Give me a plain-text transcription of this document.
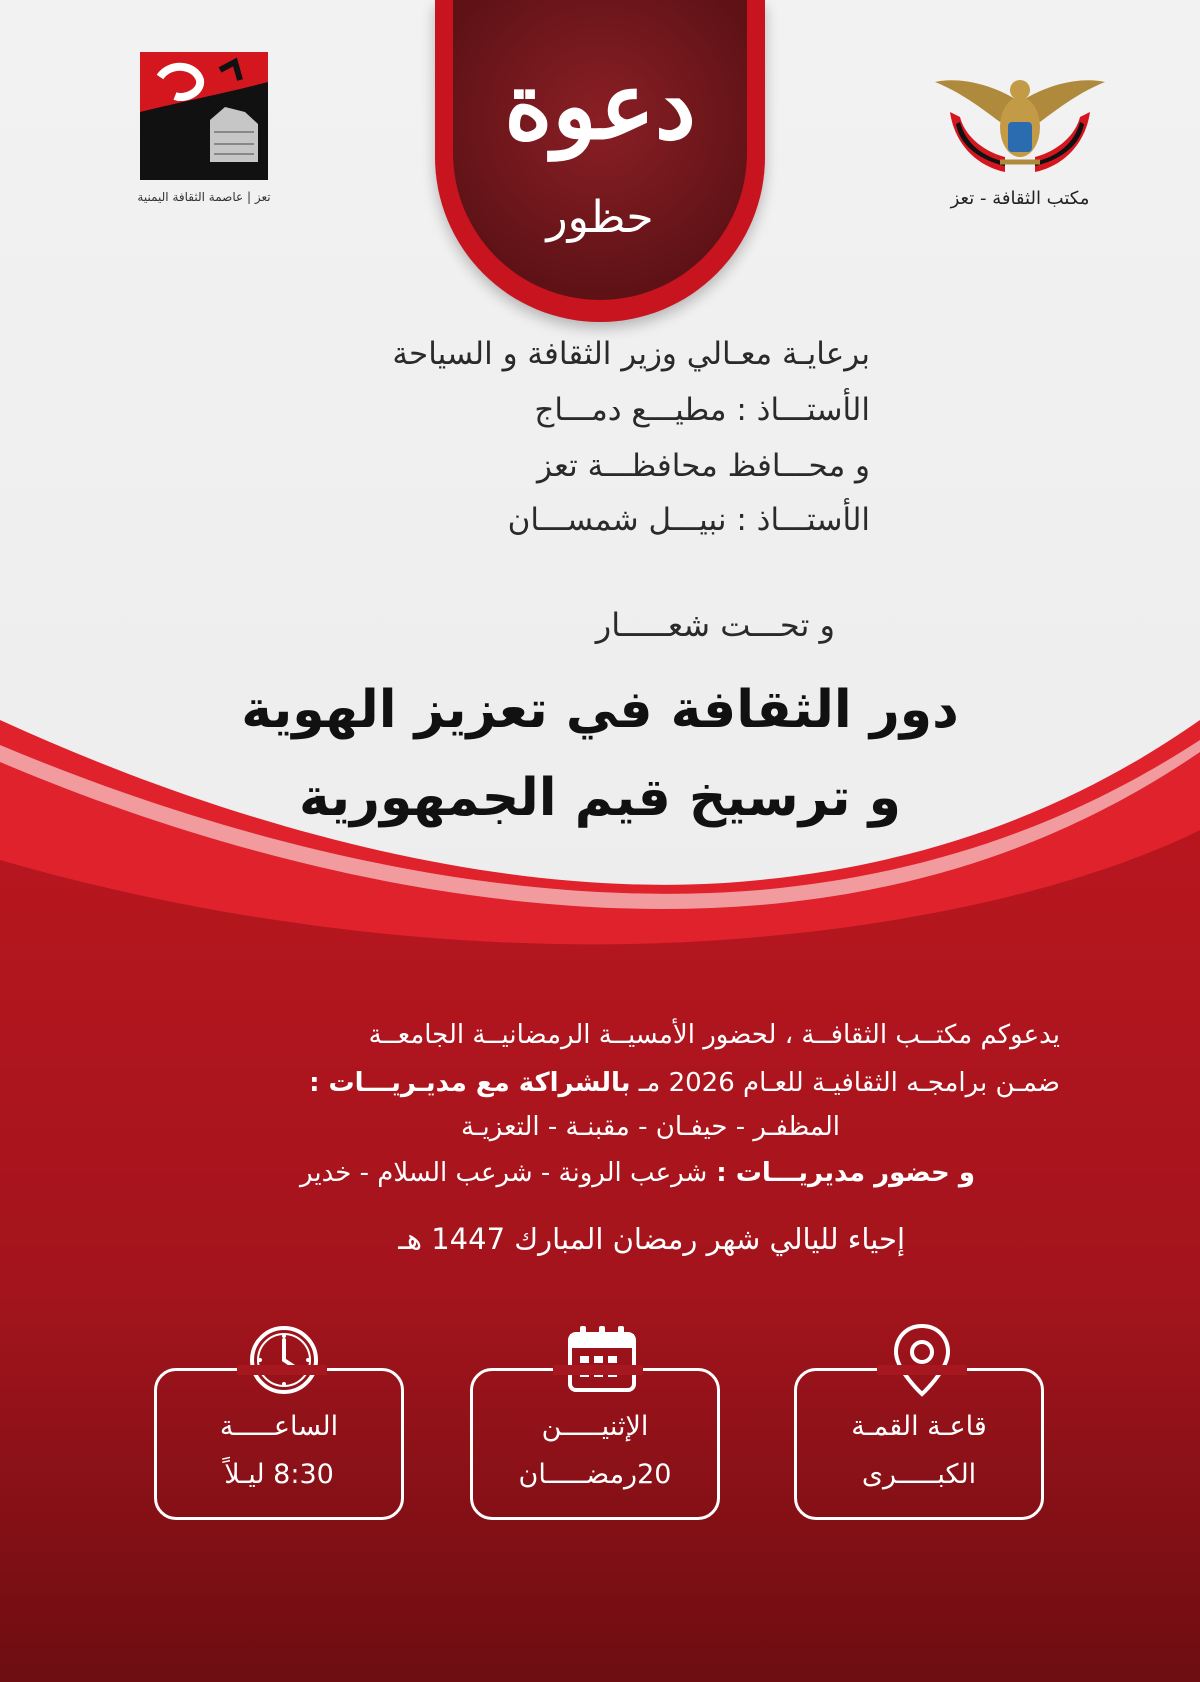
دعوة
حظور
تعز | عاصمة الثقافة اليمنية	مكتب الثقافة - تعز
برعايـة معـالي وزير الثقافة و السياحة
الأستـــاذ : مطيـــع دمـــاج
و محـــافظ محافظـــة تعز
الأستـــاذ : نبيـــل شمســـان
و تحـــت شعـــــار
دور الثقافة في تعزيز الهوية
و ترسيخ قيم الجمهورية
يدعوكم مكتــب الثقافــة ، لحضور الأمسيــة الرمضانيــة الجامعــة
ضمـن برامجـه الثقافيـة للعـام 2026 مـ بالشراكة مع مديـريـــات :
المظفـر - حيفـان - مقبنـة - التعزيـة
و حضور مديريـــات : شرعب الرونة - شرعب السلام - خدير
إحياء لليالي شهر رمضان المبارك 1447 هـ
الساعـــــة
8:30 ليـلاً
الإثنيـــــن
20رمضـــــان
قاعـة القمـة
الكبـــــرى
